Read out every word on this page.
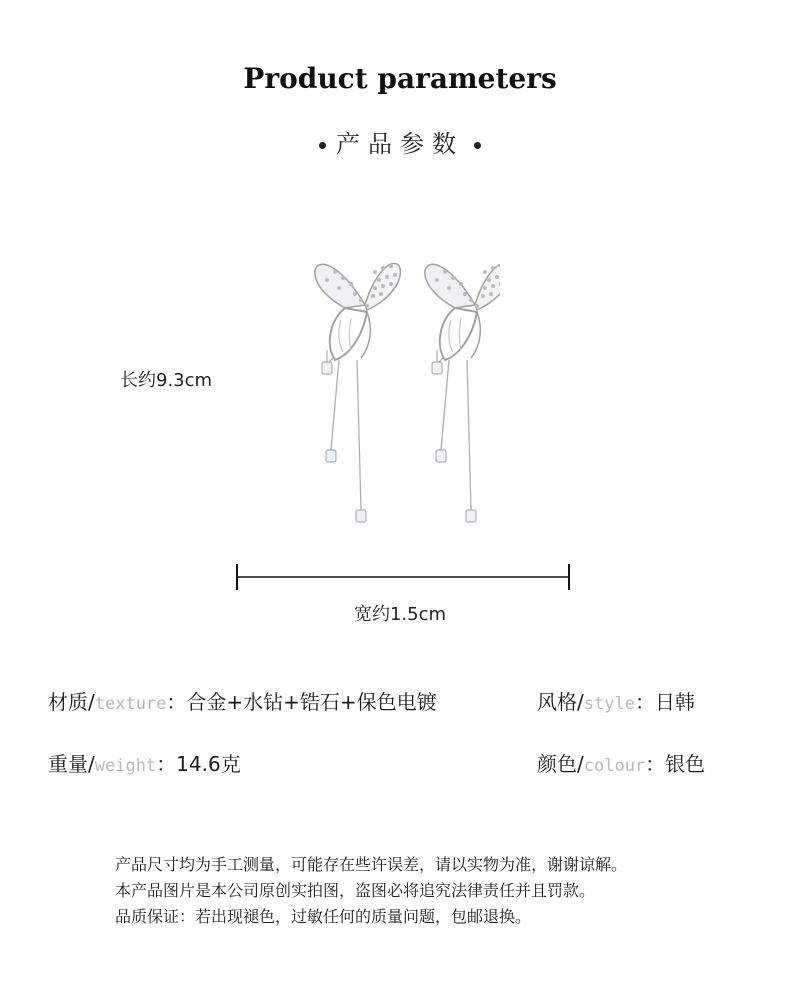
Product parameters
产品参数
长约9.3cm
宽约1.5cm
材质/texture：合金+水钻+锆石+保色电镀	风格/style：日韩
重量/weight：14.6克	颜色/colour：银色
产品尺寸均为手工测量，可能存在些许误差，请以实物为准，谢谢谅解。
本产品图片是本公司原创实拍图，盗图必将追究法律责任并且罚款。
品质保证：若出现褪色，过敏任何的质量问题，包邮退换。
